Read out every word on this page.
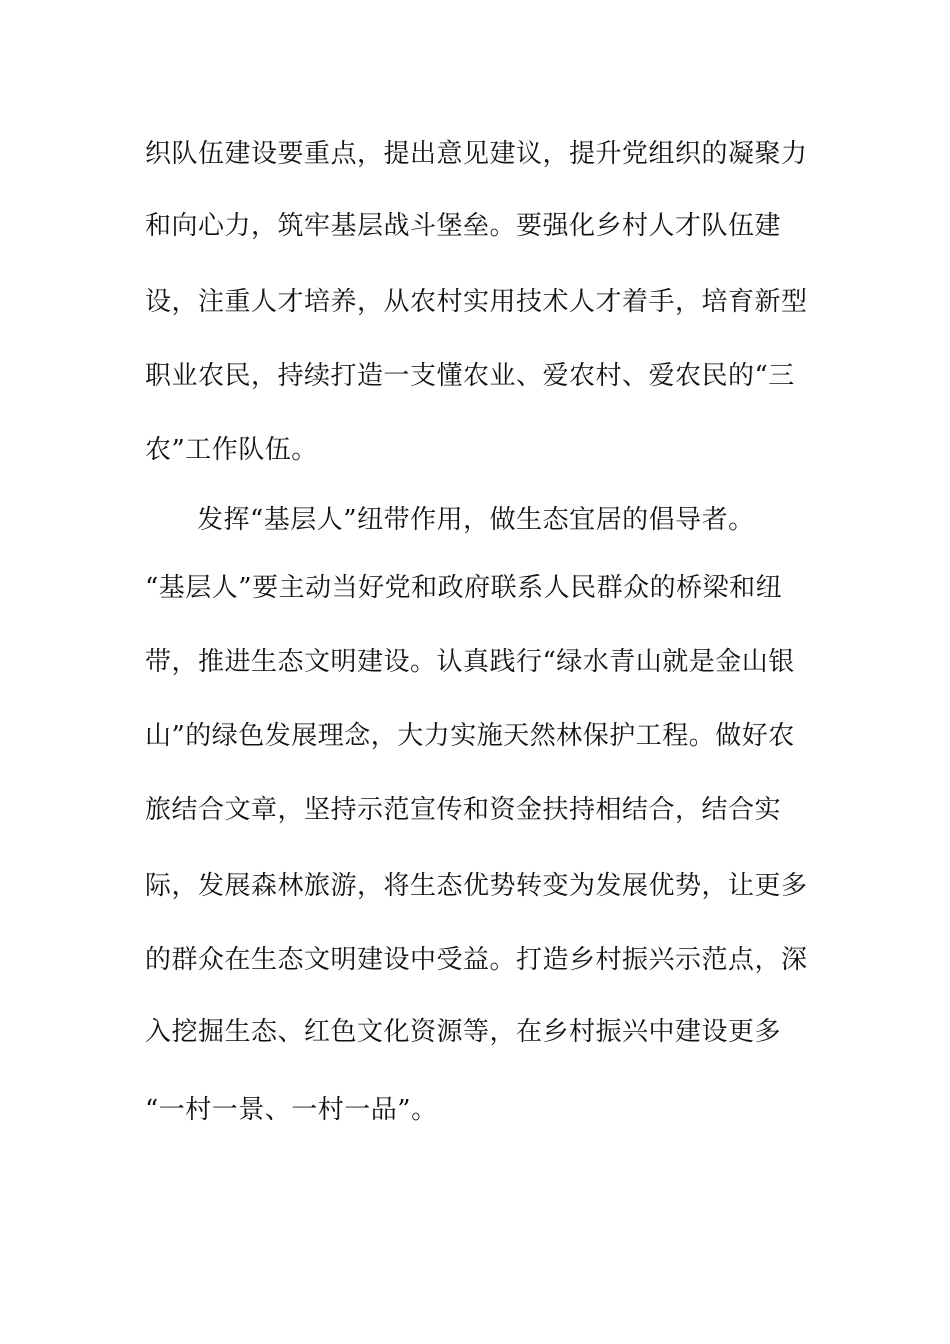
织队伍建设要重点，提出意见建议，提升党组织的凝聚力

和向心力，筑牢基层战斗堡垒。要强化乡村人才队伍建

设，注重人才培养，从农村实用技术人才着手，培育新型

职业农民，持续打造一支懂农业、爱农村、爱农民的“三

农”工作队伍。

发挥“基层人”纽带作用，做生态宜居的倡导者。

“基层人”要主动当好党和政府联系人民群众的桥梁和纽

带，推进生态文明建设。认真践行“绿水青山就是金山银

山”的绿色发展理念，大力实施天然林保护工程。做好农

旅结合文章，坚持示范宣传和资金扶持相结合，结合实

际，发展森林旅游，将生态优势转变为发展优势，让更多

的群众在生态文明建设中受益。打造乡村振兴示范点，深

入挖掘生态、红色文化资源等，在乡村振兴中建设更多

“一村一景、一村一品”。
